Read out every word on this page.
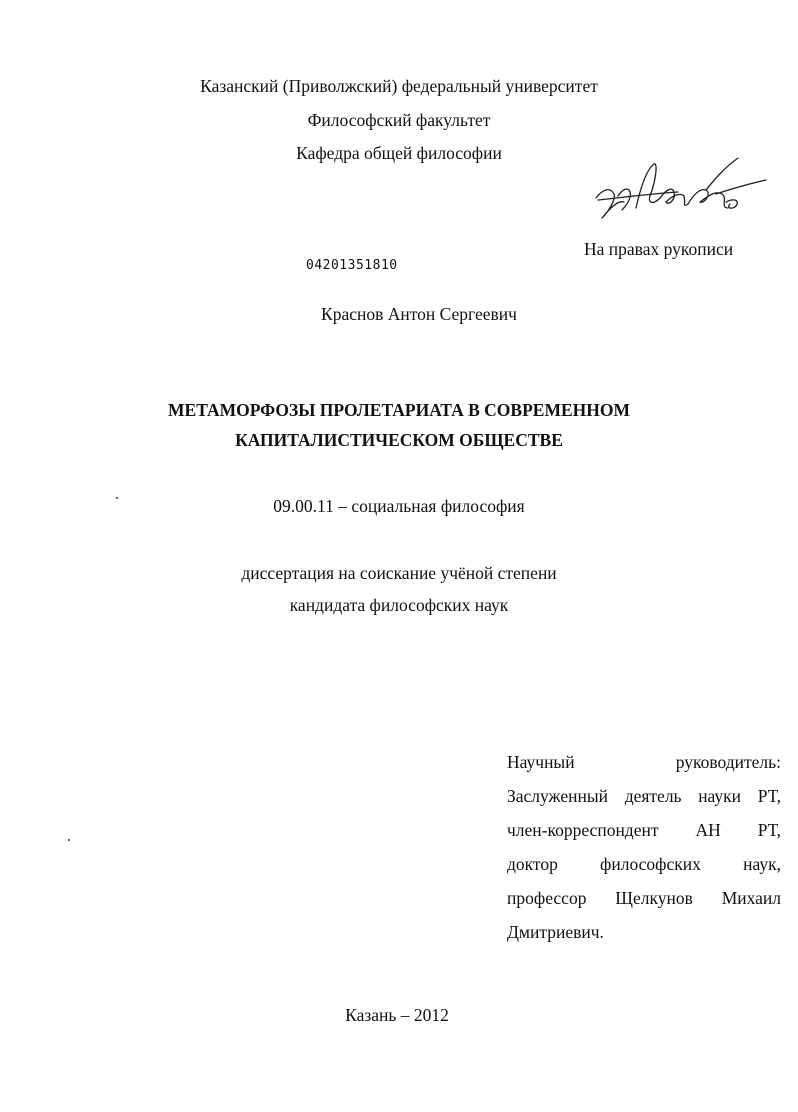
Казанский (Приволжский) федеральный университет
Философский факультет
Кафедра общей философии
На правах рукописи
04201351810
Краснов Антон Сергеевич
МЕТАМОРФОЗЫ ПРОЛЕТАРИАТА В СОВРЕМЕННОМ
КАПИТАЛИСТИЧЕСКОМ ОБЩЕСТВЕ
09.00.11 – социальная философия
диссертация на соискание учёной степени
кандидата философских наук
Научный	руководитель:
Заслуженный деятель науки РТ,
член-корреспондент АН РТ,
доктор философских наук,
профессор Щелкунов Михаил
Дмитриевич.
Казань – 2012
